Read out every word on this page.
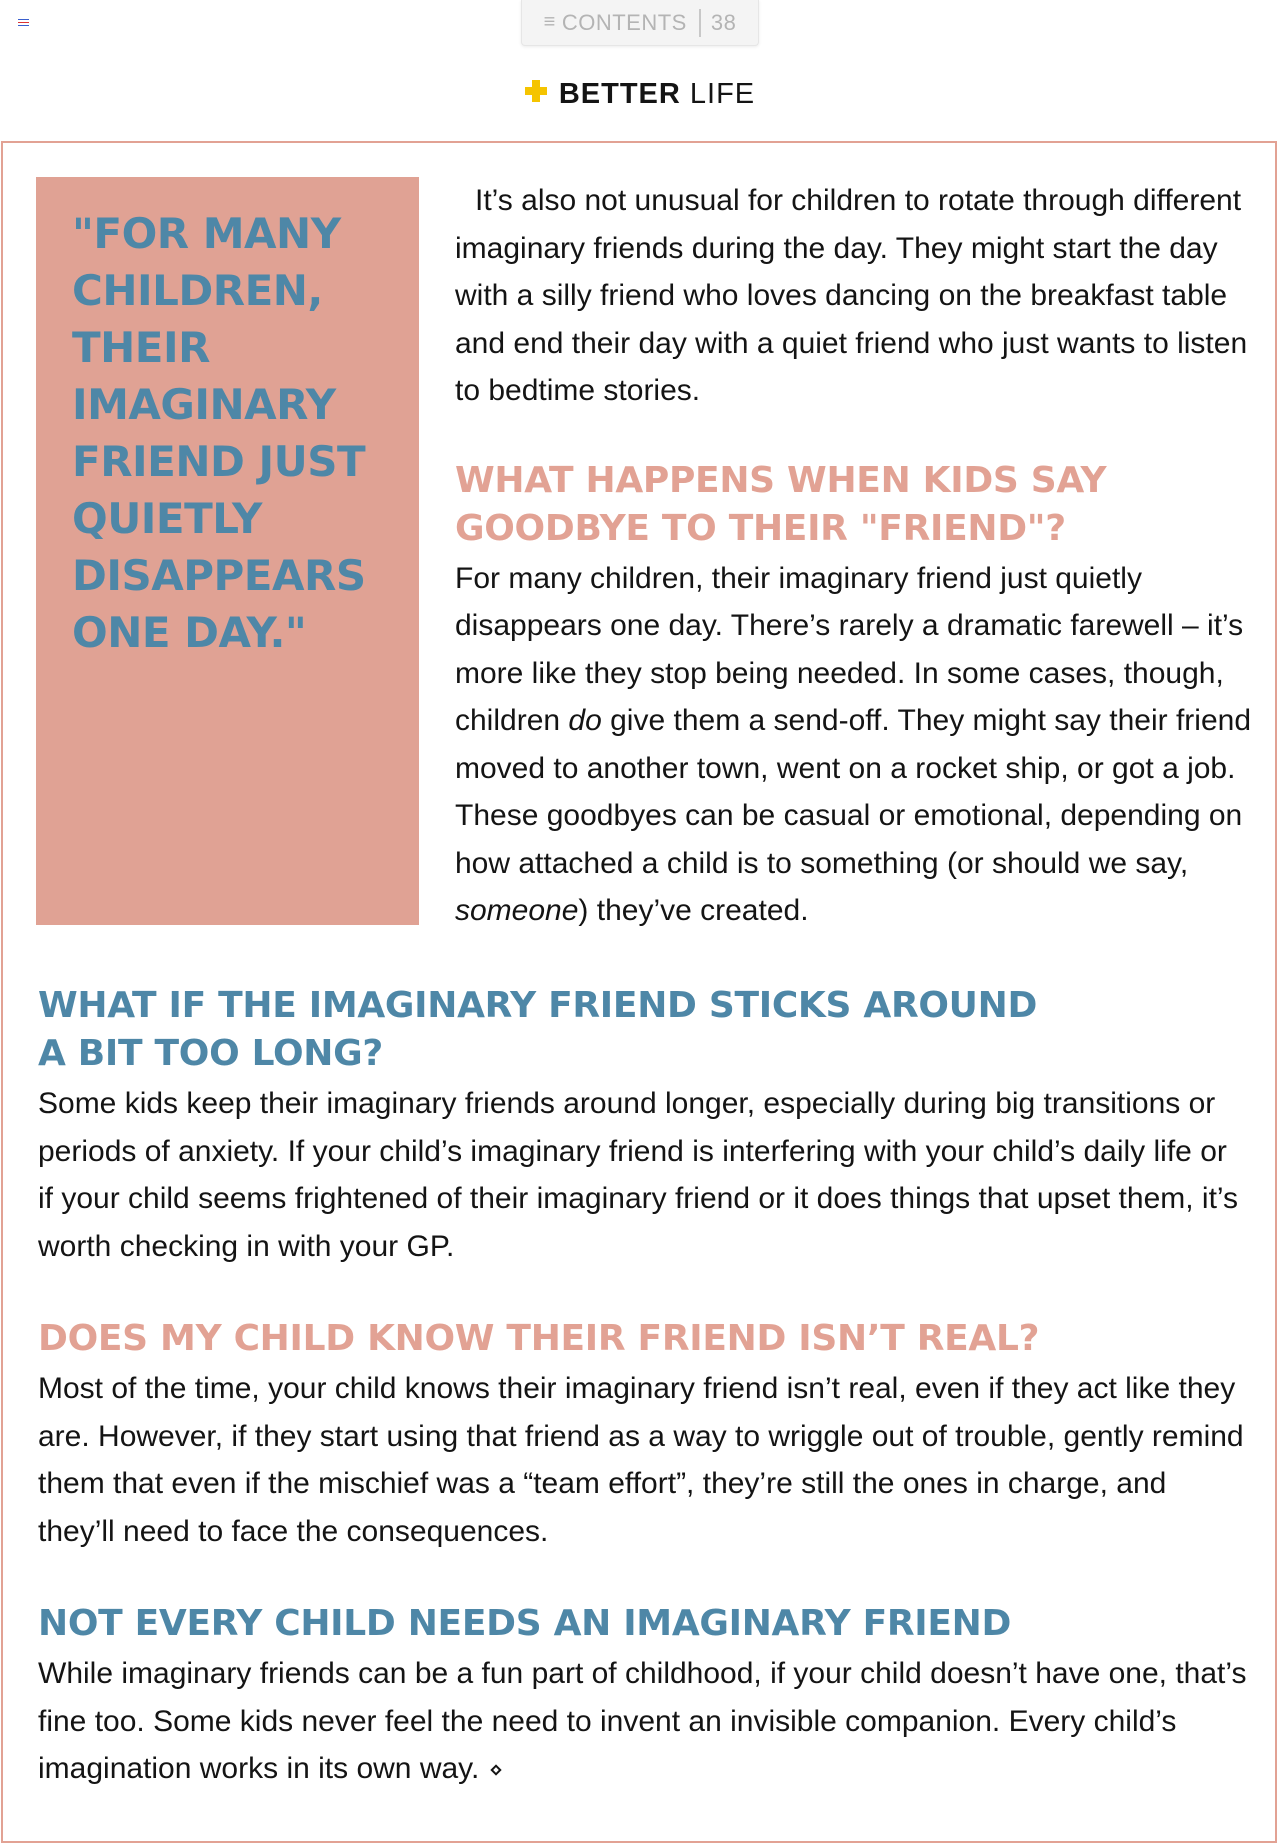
≡ CONTENTS 38
BETTER LIFE
"FOR MANY CHILDREN, THEIR IMAGINARY FRIEND JUST QUIETLY DISAPPEARS ONE DAY."

It’s also not unusual for children to rotate through different imaginary friends during the day. They might start the day with a silly friend who loves dancing on the breakfast table and end their day with a quiet friend who just wants to listen to bedtime stories.

WHAT HAPPENS WHEN KIDS SAY GOODBYE TO THEIR "FRIEND"?

For many children, their imaginary friend just quietly disappears one day. There’s rarely a dramatic farewell – it’s more like they stop being needed. In some cases, though, children do give them a send-off. They might say their friend moved to another town, went on a rocket ship, or got a job. These goodbyes can be casual or emotional, depending on how attached a child is to something (or should we say, someone) they’ve created.

WHAT IF THE IMAGINARY FRIEND STICKS AROUND
A BIT TOO LONG?

Some kids keep their imaginary friends around longer, especially during big transitions or periods of anxiety. If your child’s imaginary friend is interfering with your child’s daily life or if your child seems frightened of their imaginary friend or it does things that upset them, it’s worth checking in with your GP.

DOES MY CHILD KNOW THEIR FRIEND ISN’T REAL?

Most of the time, your child knows their imaginary friend isn’t real, even if they act like they are. However, if they start using that friend as a way to wriggle out of trouble, gently remind them that even if the mischief was a “team effort”, they’re still the ones in charge, and they’ll need to face the consequences.

NOT EVERY CHILD NEEDS AN IMAGINARY FRIEND

While imaginary friends can be a fun part of childhood, if your child doesn’t have one, that’s fine too. Some kids never feel the need to invent an invisible companion. Every child’s imagination works in its own way.
